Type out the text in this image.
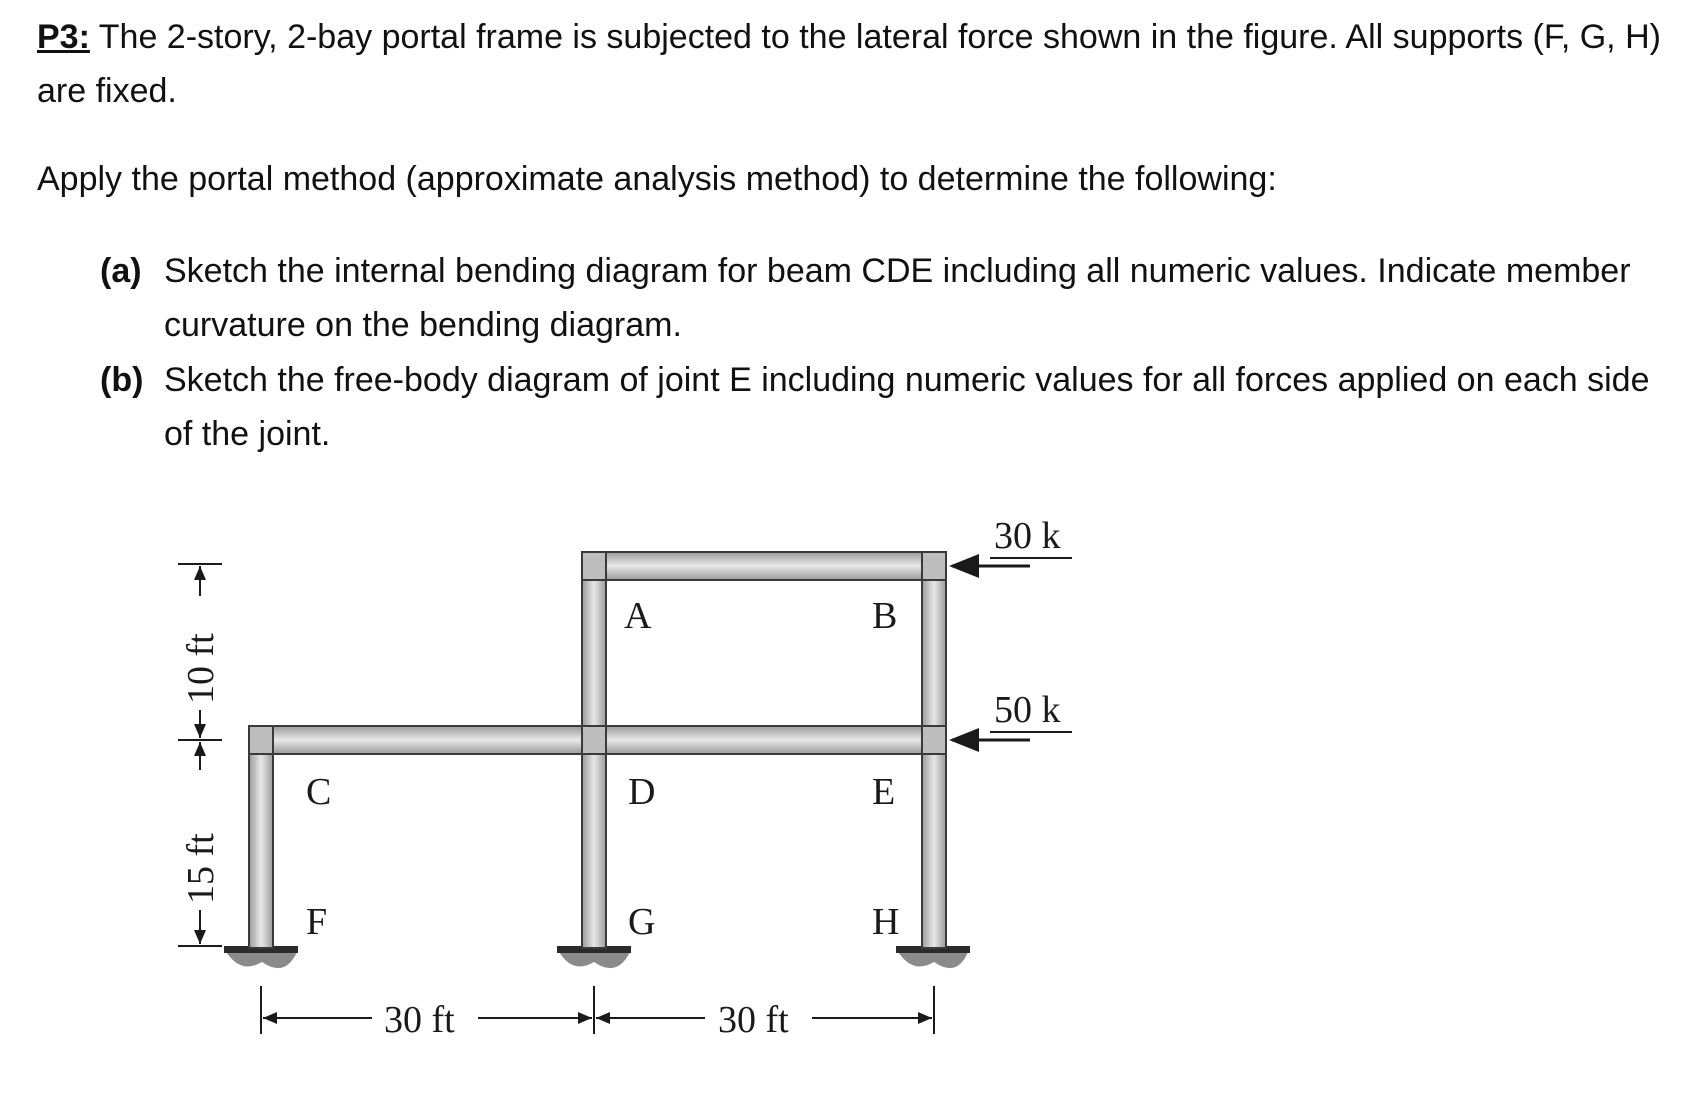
P3: The 2-story, 2-bay portal frame is subjected to the lateral force shown in the figure. All supports (F, G, H) are fixed.

Apply the portal method (approximate analysis method) to determine the following:
(a) Sketch the internal bending diagram for beam CDE including all numeric values. Indicate member curvature on the bending diagram.
(b) Sketch the free-body diagram of joint E including numeric values for all forces applied on each side of the joint.
A	B
C	D	E
F	G	H
30 k
50 k
10 ft
15 ft
30 ft	30 ft
